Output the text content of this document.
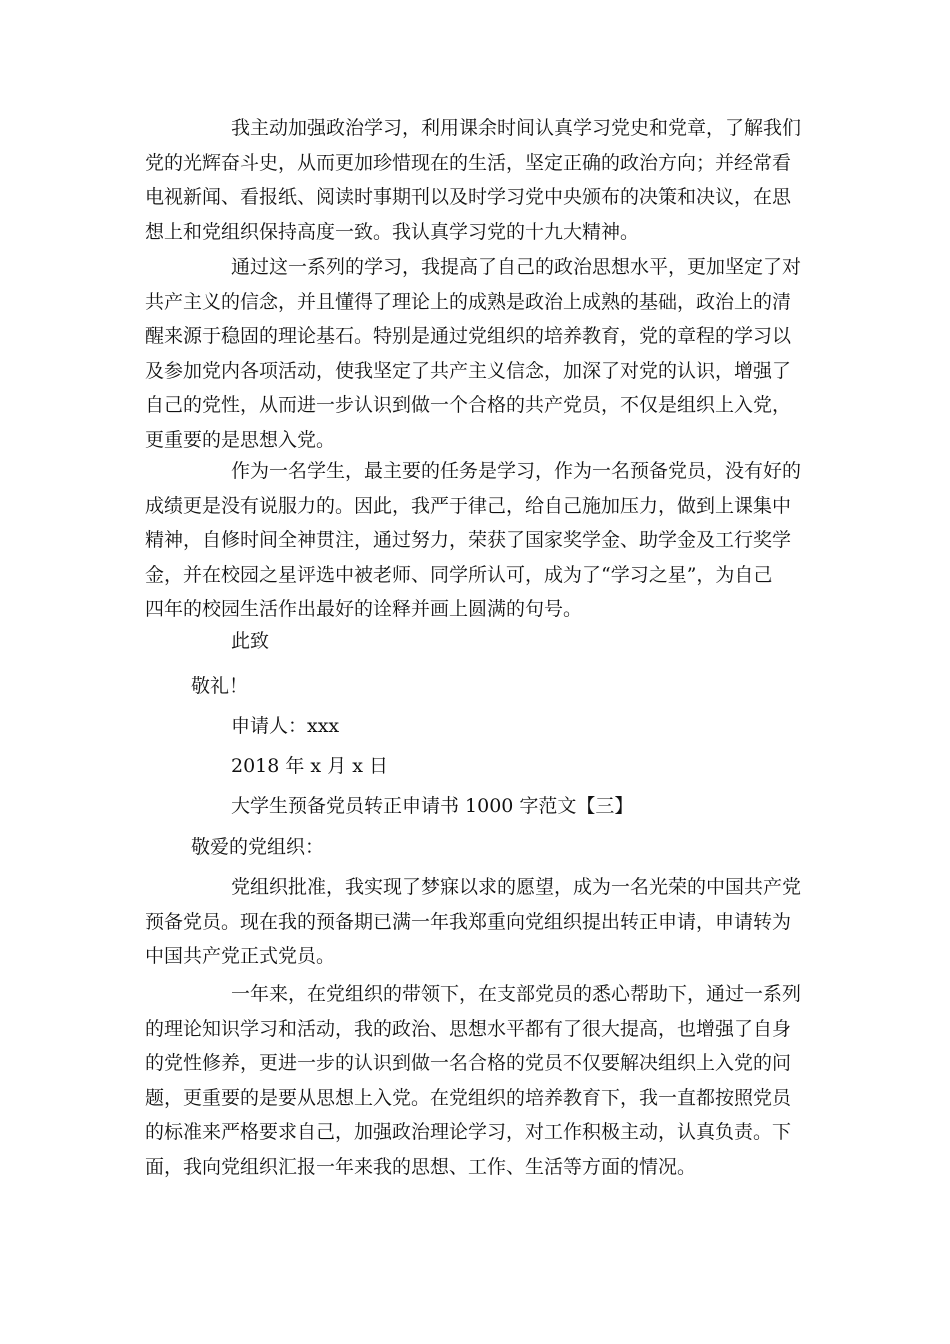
我主动加强政治学习，利用课余时间认真学习党史和党章，了解我们
党的光辉奋斗史，从而更加珍惜现在的生活，坚定正确的政治方向；并经常看
电视新闻、看报纸、阅读时事期刊以及时学习党中央颁布的决策和决议，在思
想上和党组织保持高度一致。我认真学习党的十九大精神。

通过这一系列的学习，我提高了自己的政治思想水平，更加坚定了对
共产主义的信念，并且懂得了理论上的成熟是政治上成熟的基础，政治上的清
醒来源于稳固的理论基石。特别是通过党组织的培养教育，党的章程的学习以
及参加党内各项活动，使我坚定了共产主义信念，加深了对党的认识，增强了
自己的党性，从而进一步认识到做一个合格的共产党员，不仅是组织上入党，
更重要的是思想入党。

作为一名学生，最主要的任务是学习，作为一名预备党员，没有好的
成绩更是没有说服力的。因此，我严于律己，给自己施加压力，做到上课集中
精神，自修时间全神贯注，通过努力，荣获了国家奖学金、助学金及工行奖学
金，并在校园之星评选中被老师、同学所认可，成为了“学习之星”，为自己
四年的校园生活作出最好的诠释并画上圆满的句号。

此致

敬礼！

申请人：xxx

2018 年 x 月 x 日

大学生预备党员转正申请书 1000 字范文【三】

敬爱的党组织：

党组织批准，我实现了梦寐以求的愿望，成为一名光荣的中国共产党
预备党员。现在我的预备期已满一年我郑重向党组织提出转正申请，申请转为
中国共产党正式党员。

一年来，在党组织的带领下，在支部党员的悉心帮助下，通过一系列
的理论知识学习和活动，我的政治、思想水平都有了很大提高，也增强了自身
的党性修养，更进一步的认识到做一名合格的党员不仅要解决组织上入党的问
题，更重要的是要从思想上入党。在党组织的培养教育下，我一直都按照党员
的标准来严格要求自己，加强政治理论学习，对工作积极主动，认真负责。下
面，我向党组织汇报一年来我的思想、工作、生活等方面的情况。
